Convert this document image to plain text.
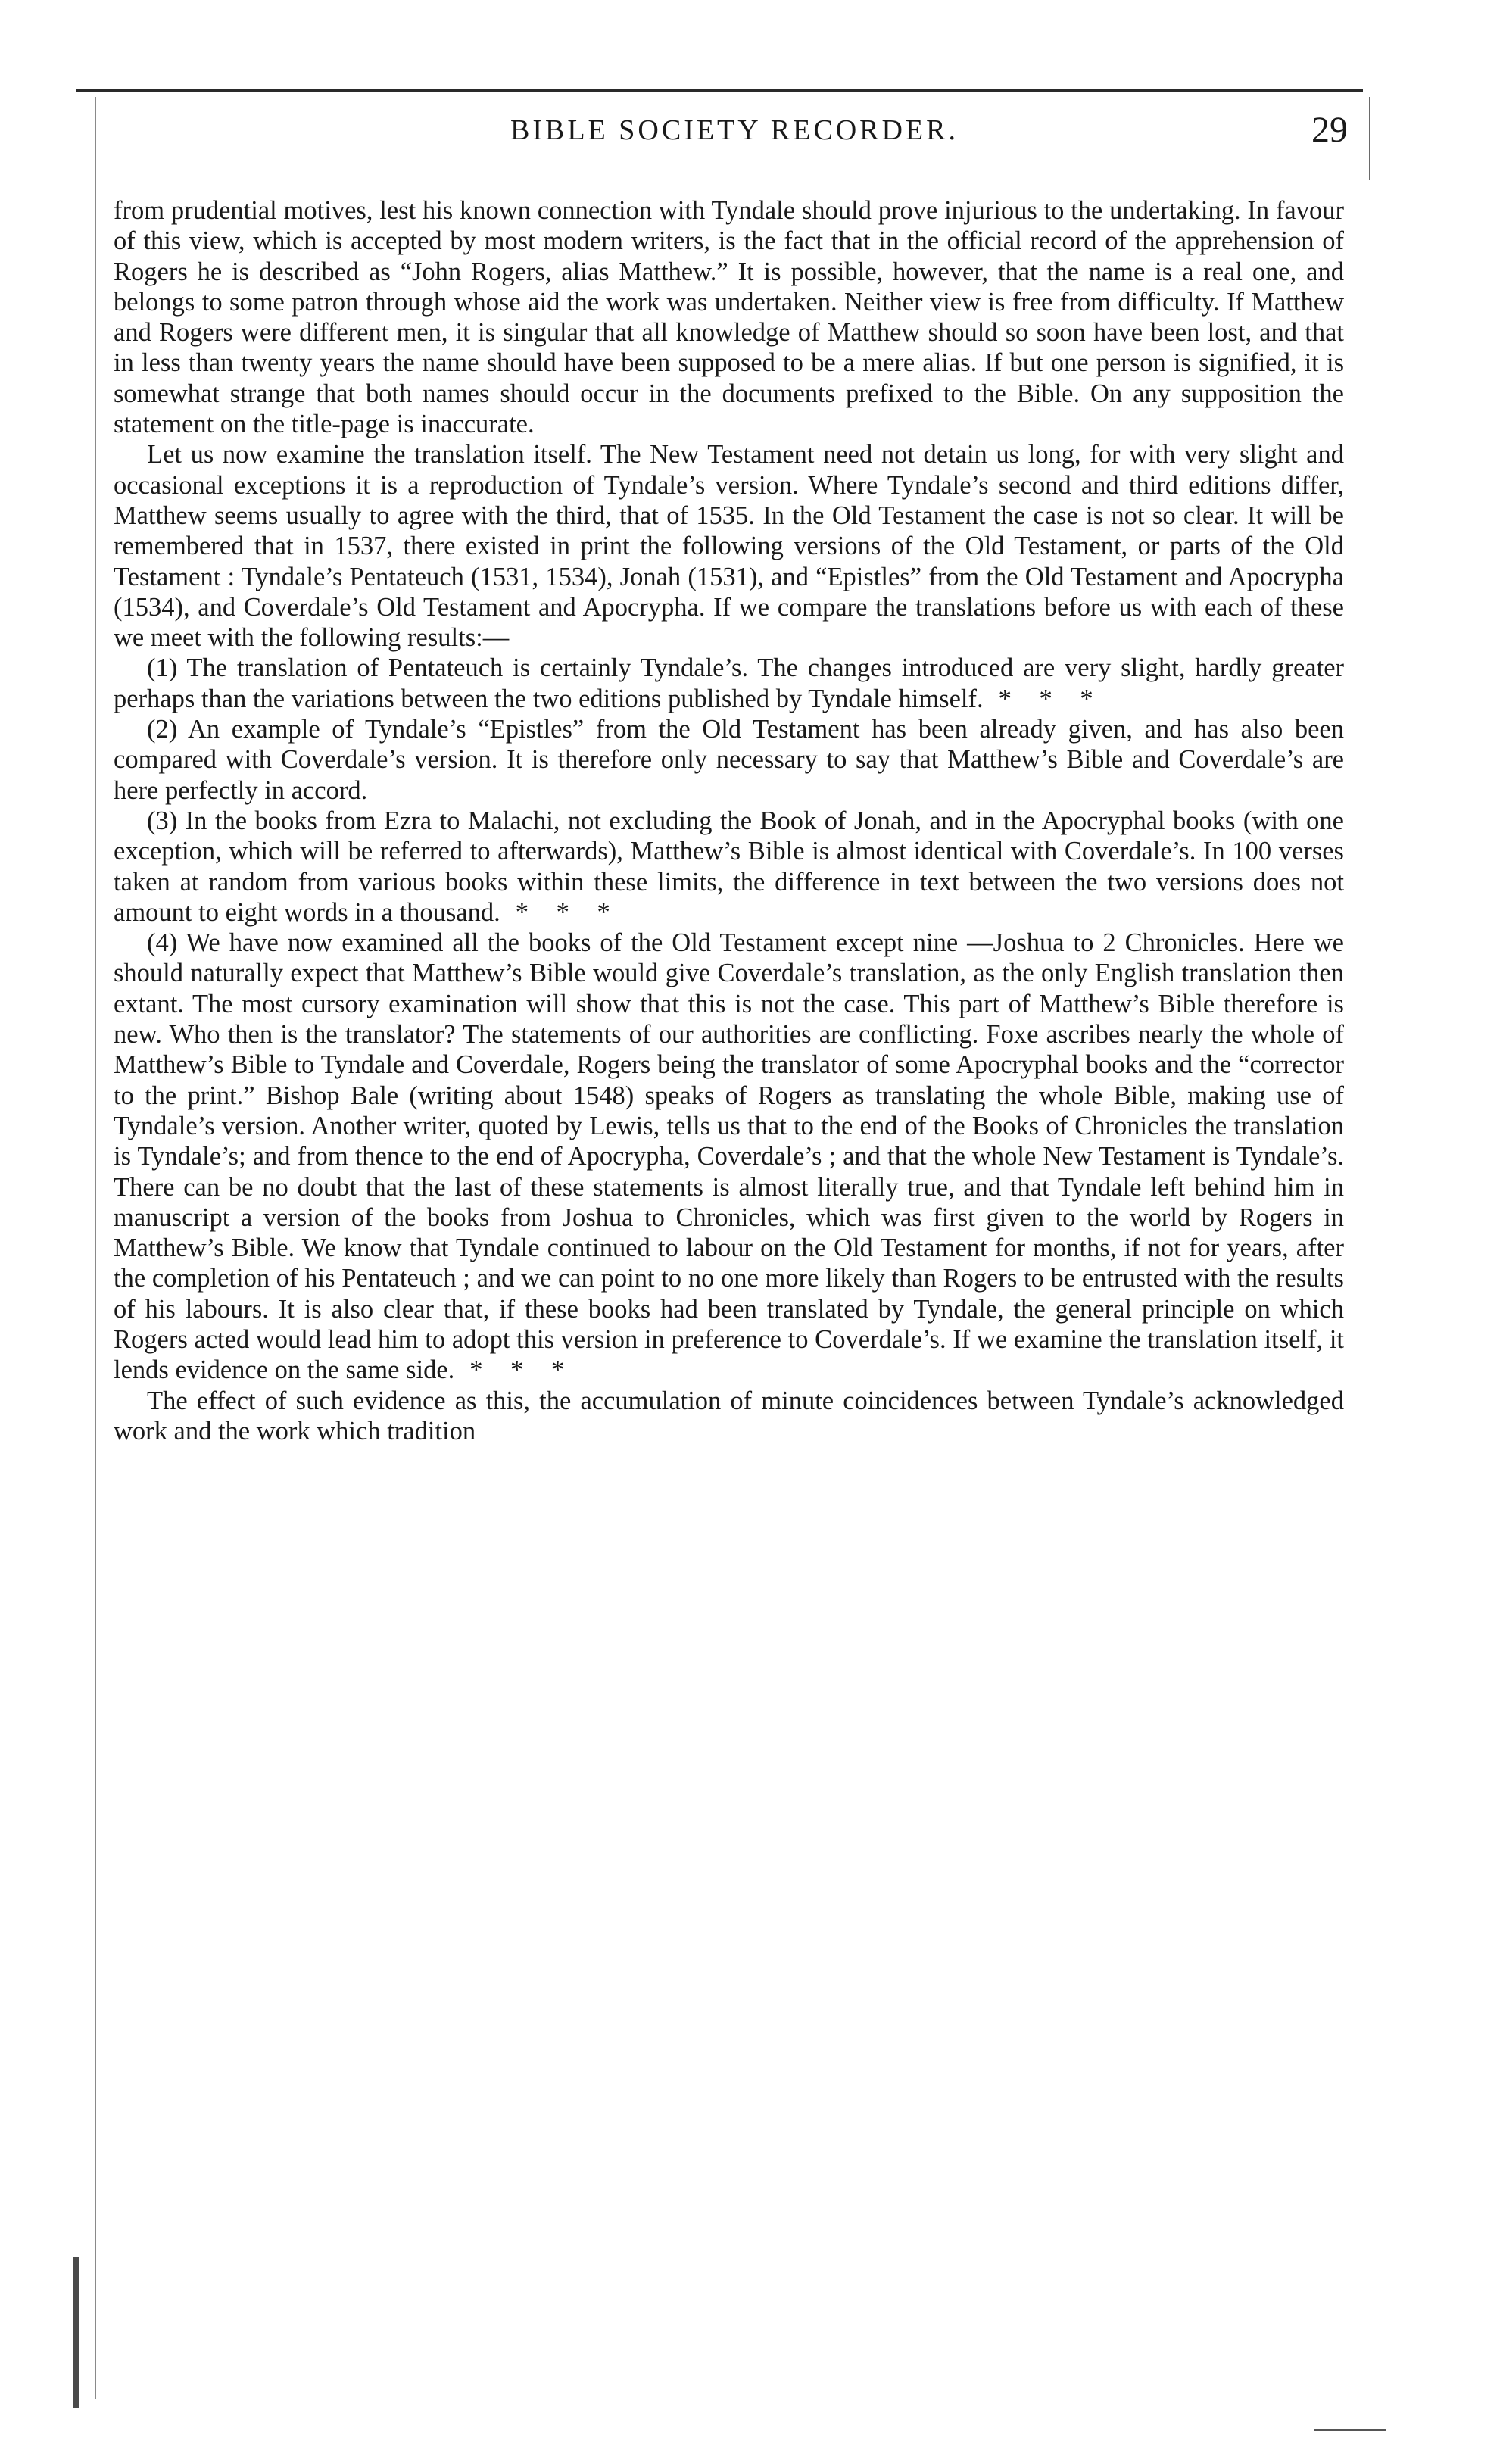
BIBLE SOCIETY RECORDER.	29

from prudential motives, lest his known connection with Tyndale should prove injurious to the undertaking. In favour of this view, which is accepted by most modern writers, is the fact that in the official record of the apprehension of Rogers he is described as “John Rogers, alias Matthew.” It is possible, however, that the name is a real one, and belongs to some patron through whose aid the work was undertaken. Neither view is free from difficulty. If Matthew and Rogers were different men, it is singular that all knowledge of Matthew should so soon have been lost, and that in less than twenty years the name should have been supposed to be a mere alias. If but one person is signified, it is somewhat strange that both names should occur in the documents prefixed to the Bible. On any supposition the statement on the title-page is inaccurate.

Let us now examine the translation itself. The New Testament need not detain us long, for with very slight and occasional exceptions it is a reproduction of Tyndale’s version. Where Tyndale’s second and third editions differ, Matthew seems usually to agree with the third, that of 1535. In the Old Testament the case is not so clear. It will be remembered that in 1537, there existed in print the following versions of the Old Testament, or parts of the Old Testament : Tyndale’s Pentateuch (1531, 1534), Jonah (1531), and “Epistles” from the Old Testament and Apocrypha (1534), and Coverdale’s Old Testament and Apocrypha. If we compare the translations before us with each of these we meet with the following results:—

(1) The translation of Pentateuch is certainly Tyndale’s. The changes introduced are very slight, hardly greater perhaps than the variations between the two editions published by Tyndale himself. * * *

(2) An example of Tyndale’s “Epistles” from the Old Testament has been already given, and has also been compared with Coverdale’s version. It is therefore only necessary to say that Matthew’s Bible and Coverdale’s are here perfectly in accord.

(3) In the books from Ezra to Malachi, not excluding the Book of Jonah, and in the Apocryphal books (with one exception, which will be referred to afterwards), Matthew’s Bible is almost identical with Coverdale’s. In 100 verses taken at random from various books within these limits, the difference in text between the two versions does not amount to eight words in a thousand. * * *

(4) We have now examined all the books of the Old Testament except nine —Joshua to 2 Chronicles. Here we should naturally expect that Matthew’s Bible would give Coverdale’s translation, as the only English translation then extant. The most cursory examination will show that this is not the case. This part of Matthew’s Bible therefore is new. Who then is the translator? The statements of our authorities are conflicting. Foxe ascribes nearly the whole of Matthew’s Bible to Tyndale and Coverdale, Rogers being the translator of some Apocryphal books and the “corrector to the print.” Bishop Bale (writing about 1548) speaks of Rogers as translating the whole Bible, making use of Tyndale’s version. Another writer, quoted by Lewis, tells us that to the end of the Books of Chronicles the translation is Tyndale’s; and from thence to the end of Apocrypha, Coverdale’s ; and that the whole New Testament is Tyndale’s. There can be no doubt that the last of these statements is almost literally true, and that Tyndale left behind him in manuscript a version of the books from Joshua to Chronicles, which was first given to the world by Rogers in Matthew’s Bible. We know that Tyndale continued to labour on the Old Testament for months, if not for years, after the completion of his Pentateuch ; and we can point to no one more likely than Rogers to be entrusted with the results of his labours. It is also clear that, if these books had been translated by Tyndale, the general principle on which Rogers acted would lead him to adopt this version in preference to Coverdale’s. If we examine the translation itself, it lends evidence on the same side. * * *

The effect of such evidence as this, the accumulation of minute coincidences between Tyndale’s acknowledged work and the work which tradition
